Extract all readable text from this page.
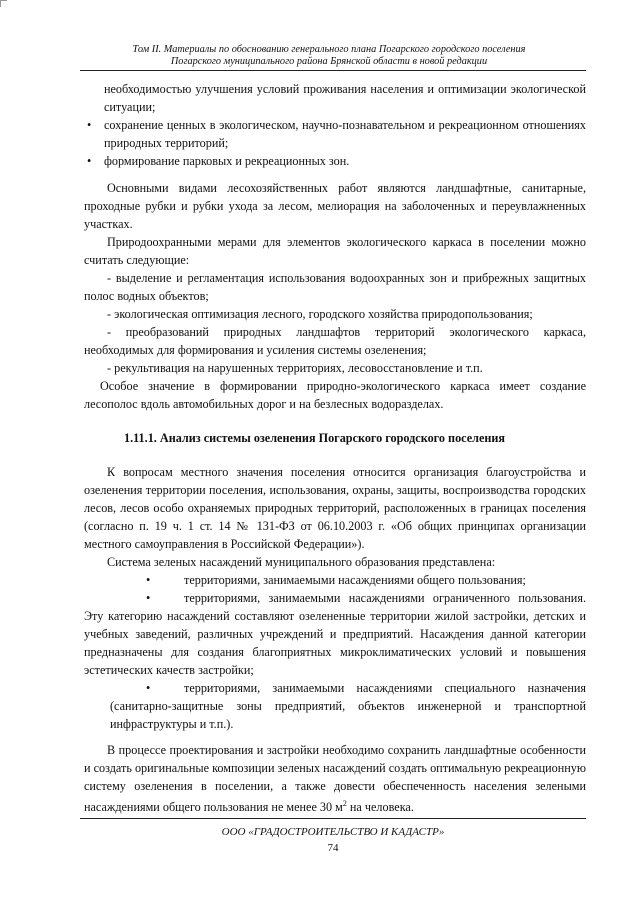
Том II. Материалы по обоснованию генерального плана Погарского городского поселения
Погарского муниципального района Брянской области в новой редакции

необходимостью улучшения условий проживания населения и оптимизации экологической ситуации;

• сохранение ценных в экологическом, научно-познавательном и рекреационном отношениях природных территорий;
• формирование парковых и рекреационных зон.

Основными видами лесохозяйственных работ являются ландшафтные, санитарные, проходные рубки и рубки ухода за лесом, мелиорация на заболоченных и переувлажненных участках.

Природоохранными мерами для элементов экологического каркаса в поселении можно считать следующие:

- выделение и регламентация использования водоохранных зон и прибрежных защитных полос водных объектов;

- экологическая оптимизация лесного, городского хозяйства природопользования;

- преобразований природных ландшафтов территорий экологического каркаса, необходимых для формирования и усиления системы озеленения;

- рекультивация на нарушенных территориях, лесовосстановление и т.п.

Особое значение в формировании природно-экологического каркаса имеет создание лесополос вдоль автомобильных дорог и на безлесных водоразделах.

1.11.1. Анализ системы озеленения Погарского городского поселения

К вопросам местного значения поселения относится организация благоустройства и озеленения территории поселения, использования, охраны, защиты, воспроизводства городских лесов, лесов особо охраняемых природных территорий, расположенных в границах поселения (согласно п. 19 ч. 1 ст. 14 № 131-ФЗ от 06.10.2003 г. «Об общих принципах организации местного самоуправления в Российской Федерации»).

Система зеленых насаждений муниципального образования представлена:

•	территориями, занимаемыми насаждениями общего пользования;
•	территориями, занимаемыми насаждениями ограниченного пользования. Эту категорию насаждений составляют озелененные территории жилой застройки, детских и учебных заведений, различных учреждений и предприятий. Насаждения данной категории предназначены для создания благоприятных микроклиматических условий и повышения эстетических качеств застройки;
•	территориями, занимаемыми насаждениями специального назначения (санитарно-защитные зоны предприятий, объектов инженерной и транспортной инфраструктуры и т.п.).

В процессе проектирования и застройки необходимо сохранить ландшафтные особенности и создать оригинальные композиции зеленых насаждений создать оптимальную рекреационную систему озеленения в поселении, а также довести обеспеченность населения зелеными насаждениями общего пользования не менее 30 $м^2$ на человека.

ООО «ГРАДОСТРОИТЕЛЬСТВО И КАДАСТР»
74
